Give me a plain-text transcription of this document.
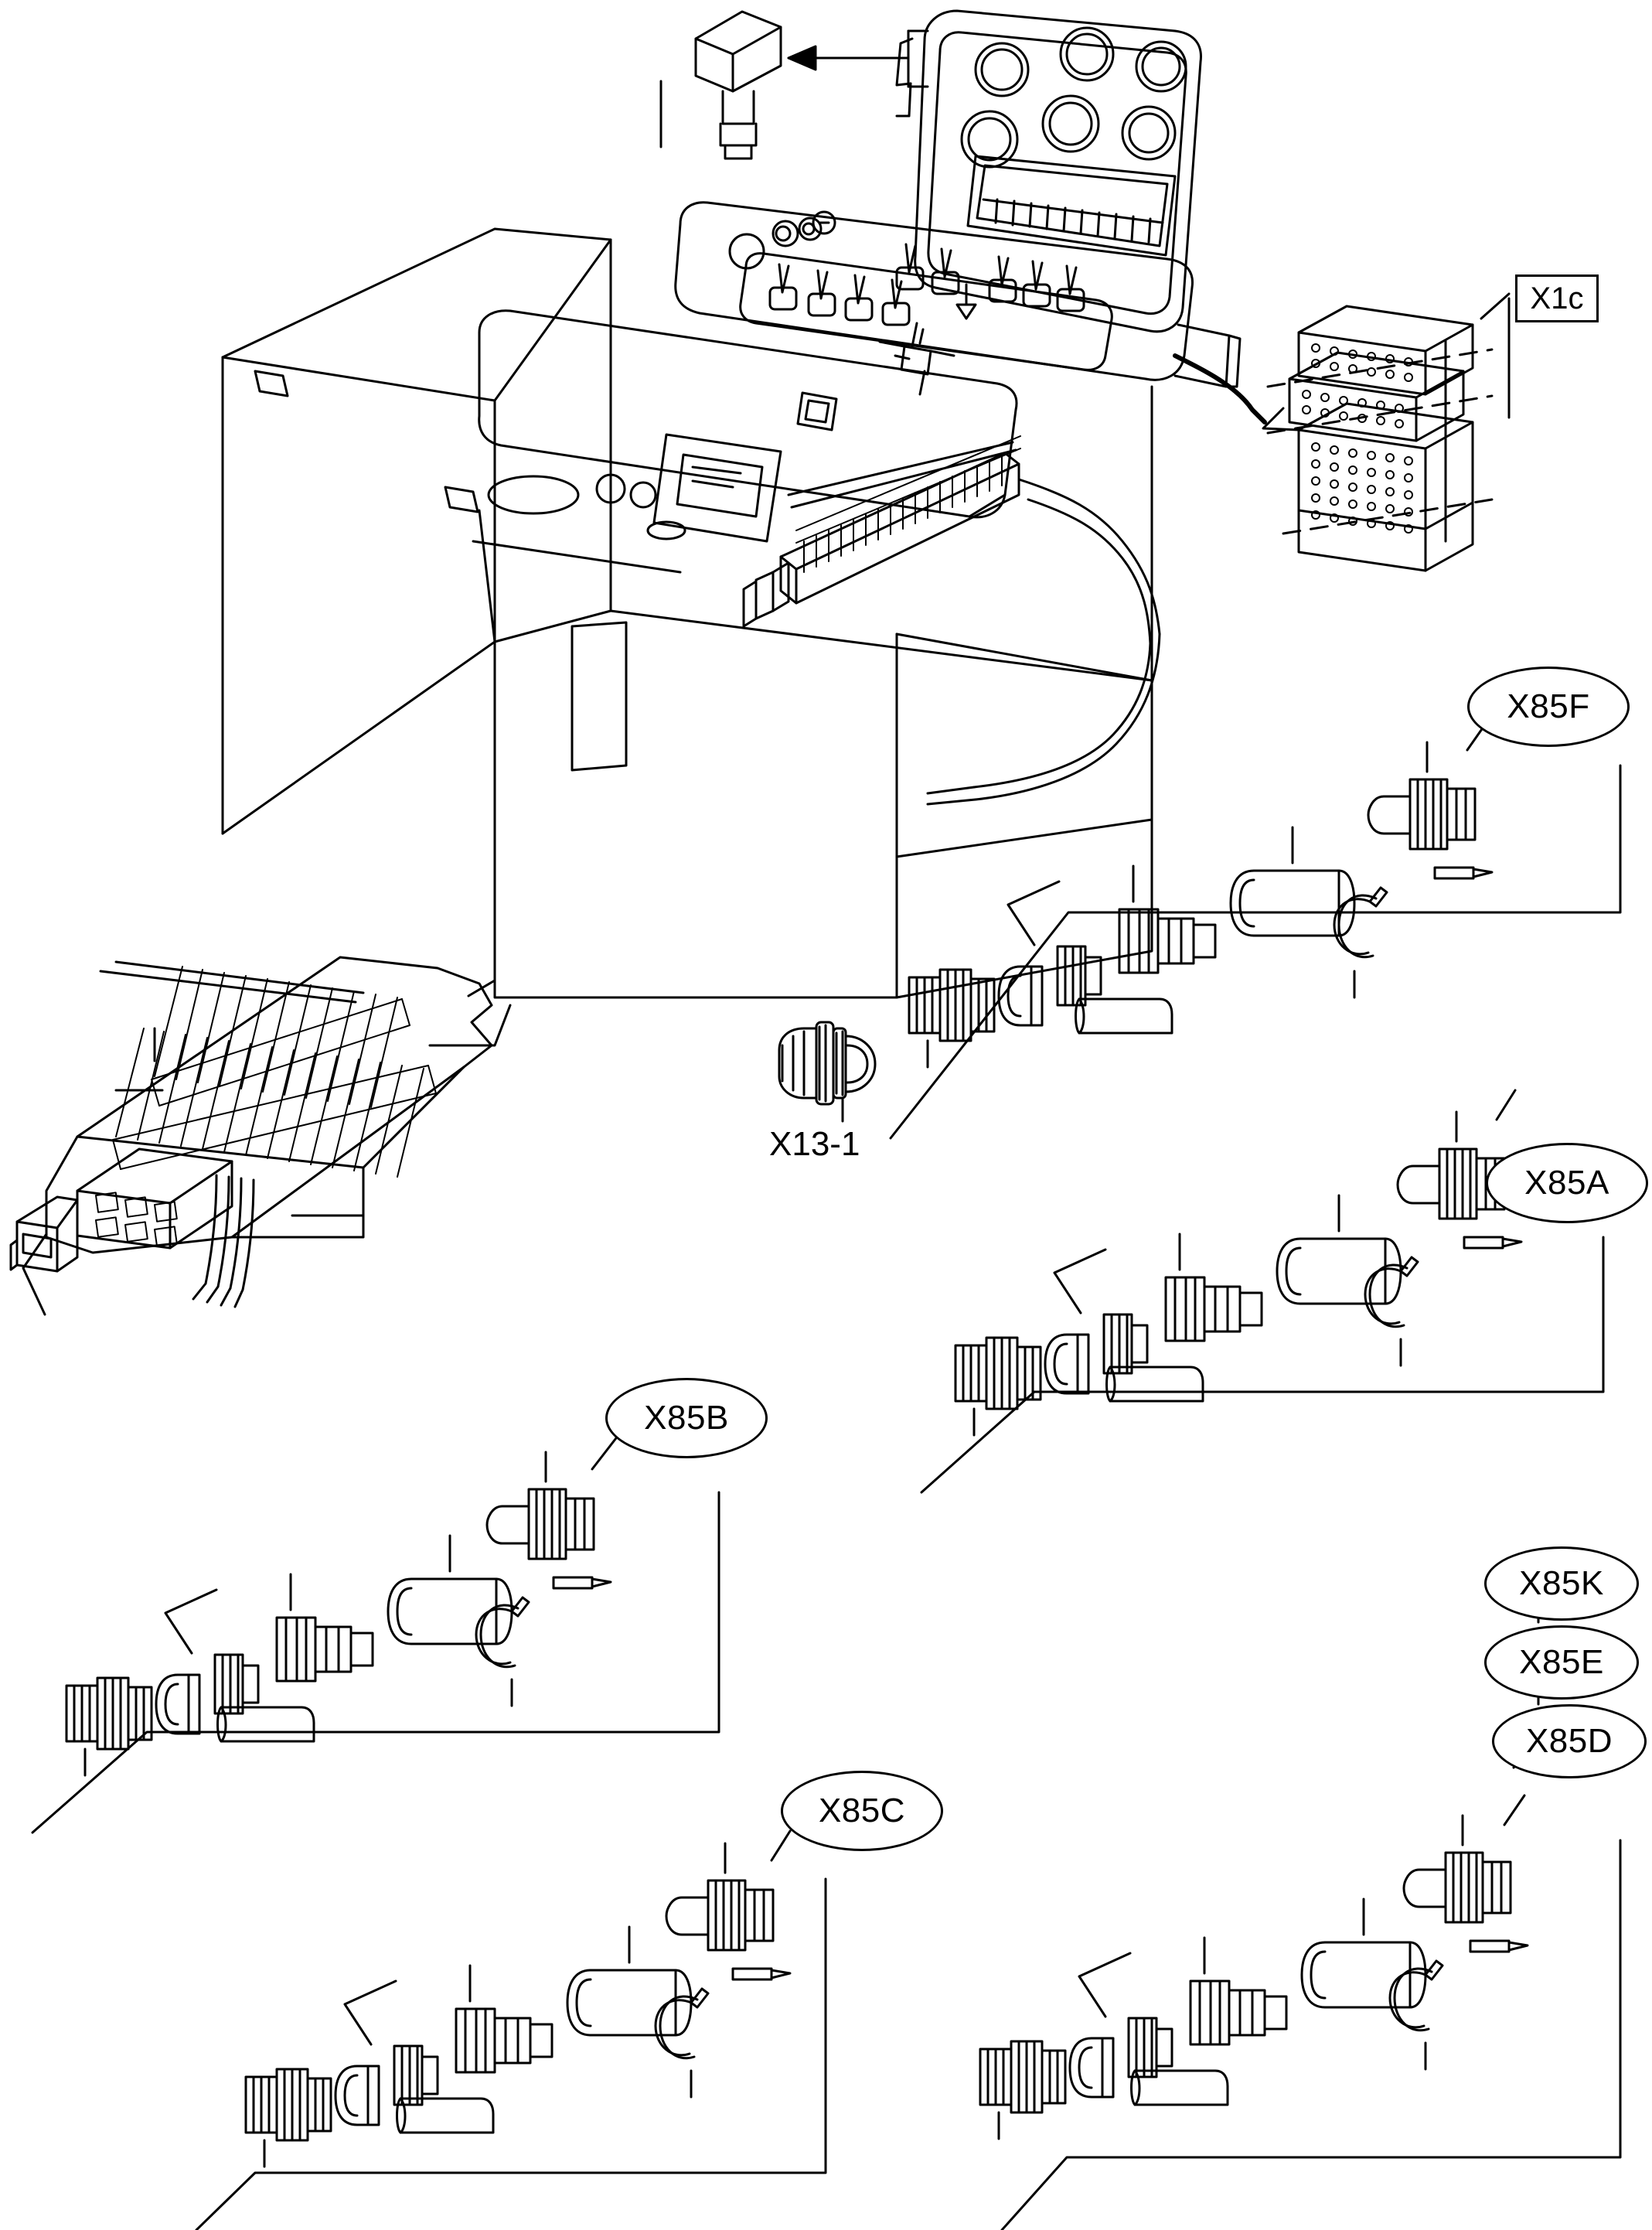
X1c
X85F
X13-1
X85A
X85B
X85K
X85E
X85D
X85C
